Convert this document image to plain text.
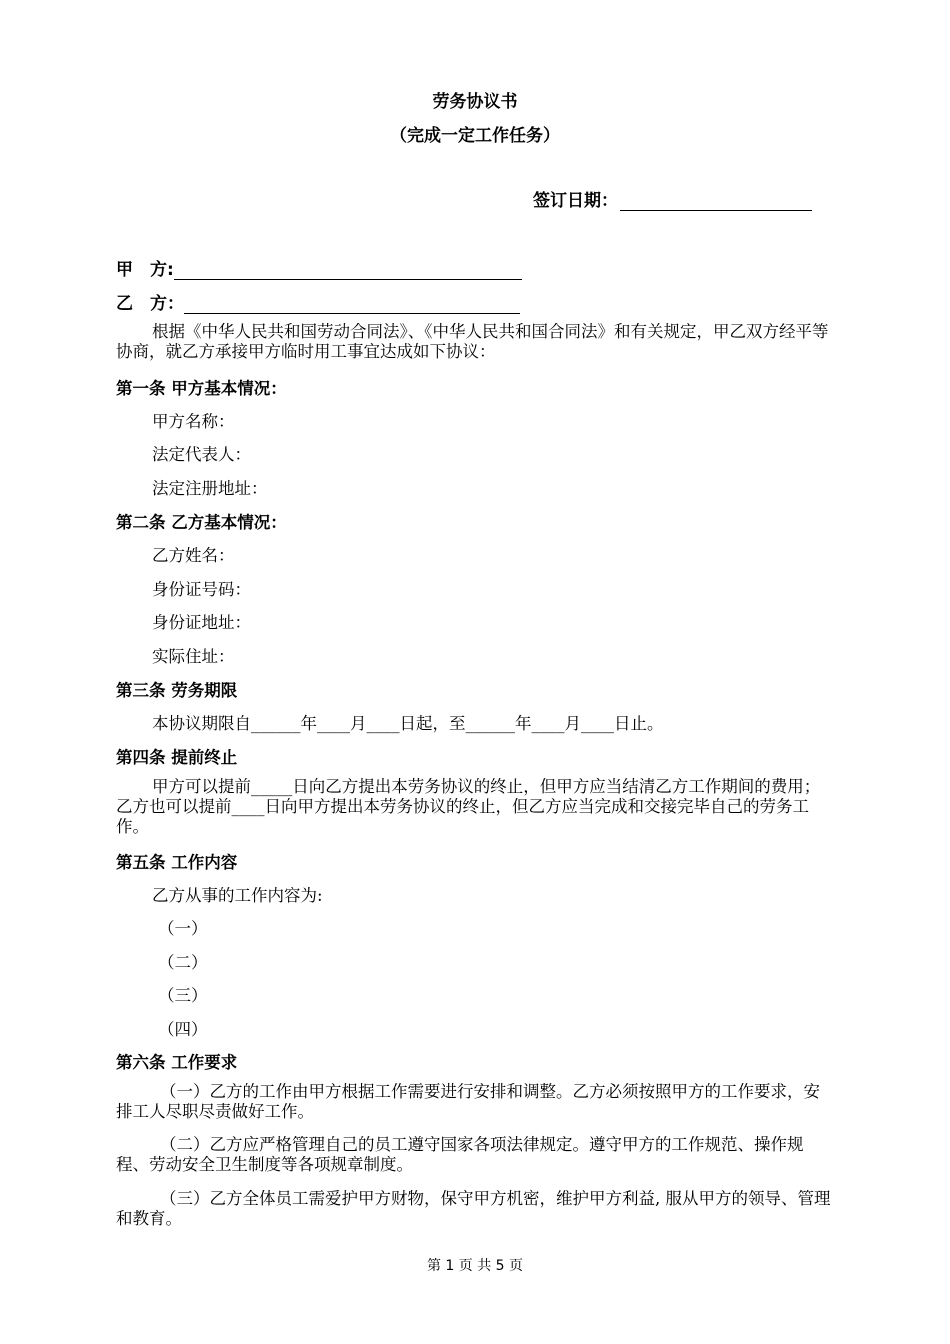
劳务协议书
（完成一定工作任务）
签订日期：
甲　方:
乙　方：
根据《中华人民共和国劳动合同法》、《中华人民共和国合同法》和有关规定，甲乙双方经平等协商，就乙方承接甲方临时用工事宜达成如下协议：
第一条 甲方基本情况：
甲方名称：
法定代表人：
法定注册地址：
第二条 乙方基本情况：
乙方姓名：
身份证号码：
身份证地址：
实际住址：
第三条 劳务期限
本协议期限自______年____月____日起，至______年____月____日止。
第四条 提前终止
甲方可以提前_____日向乙方提出本劳务协议的终止，但甲方应当结清乙方工作期间的费用；乙方也可以提前____日向甲方提出本劳务协议的终止，但乙方应当完成和交接完毕自己的劳务工作。
第五条 工作内容
乙方从事的工作内容为:
（一）
（二）
（三）
（四）
第六条 工作要求
（一）乙方的工作由甲方根据工作需要进行安排和调整。乙方必须按照甲方的工作要求，安排工人尽职尽责做好工作。
（二）乙方应严格管理自己的员工遵守国家各项法律规定。遵守甲方的工作规范、操作规程、劳动安全卫生制度等各项规章制度。
（三）乙方全体员工需爱护甲方财物，保守甲方机密，维护甲方利益, 服从甲方的领导、管理和教育。
第 1 页 共 5 页
